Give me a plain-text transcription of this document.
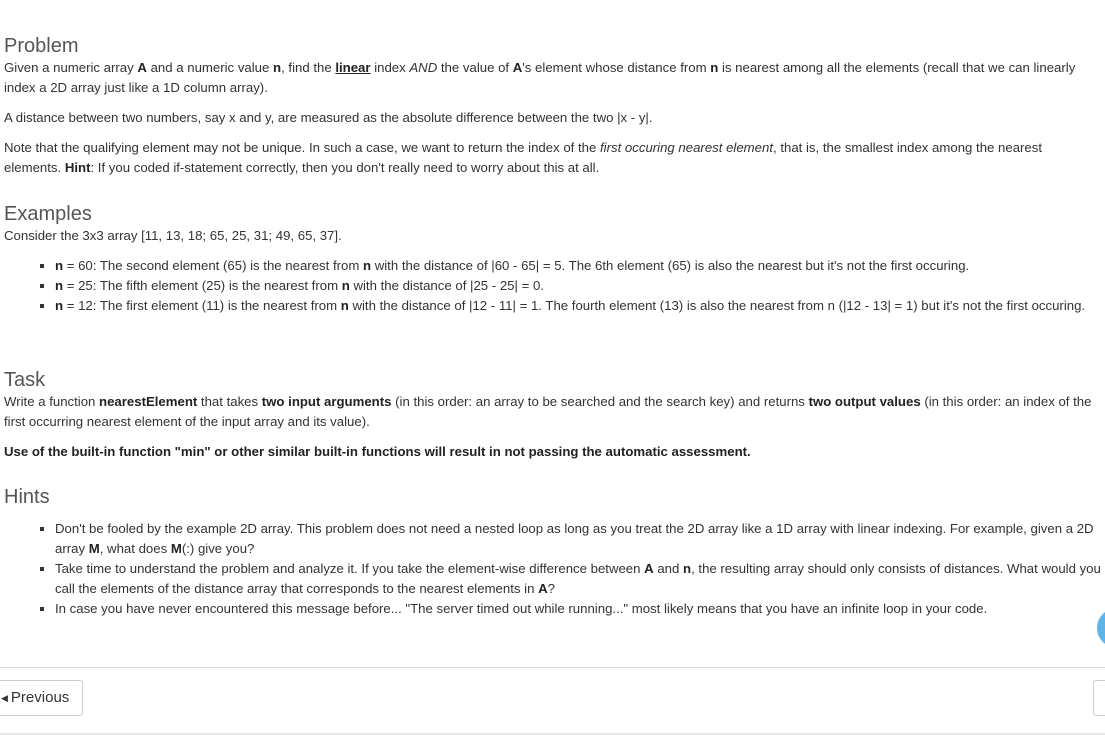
Problem

Given a numeric array A and a numeric value n, find the linear index AND the value of A's element whose distance from n is nearest among all the elements (recall that we can linearly index a 2D array just like a 1D column array).

A distance between two numbers, say x and y, are measured as the absolute difference between the two |x - y|.

Note that the qualifying element may not be unique. In such a case, we want to return the index of the first occuring nearest element, that is, the smallest index among the nearest elements. Hint: If you coded if-statement correctly, then you don't really need to worry about this at all.

Examples

Consider the 3x3 array [11, 13, 18; 65, 25, 31; 49, 65, 37].

▪ n = 60: The second element (65) is the nearest from n with the distance of |60 - 65| = 5. The 6th element (65) is also the nearest but it's not the first occuring.
▪ n = 25: The fifth element (25) is the nearest from n with the distance of |25 - 25| = 0.
▪ n = 12: The first element (11) is the nearest from n with the distance of |12 - 11| = 1. The fourth element (13) is also the nearest from n (|12 - 13| = 1) but it's not the first occuring.
Task

Write a function nearestElement that takes two input arguments (in this order: an array to be searched and the search key) and returns two output values (in this order: an index of the first occurring nearest element of the input array and its value).

Use of the built-in function "min" or other similar built-in functions will result in not passing the automatic assessment.

Hints
▪ Don't be fooled by the example 2D array. This problem does not need a nested loop as long as you treat the 2D array like a 1D array with linear indexing. For example, given a 2D array M, what does M(:) give you?
▪ Take time to understand the problem and analyze it. If you take the element-wise difference between A and n, the resulting array should only consists of distances. What would you call the elements of the distance array that corresponds to the nearest elements in A?
▪ In case you have never encountered this message before... "The server timed out while running..." most likely means that you have an infinite loop in your code.
◀ Previous
